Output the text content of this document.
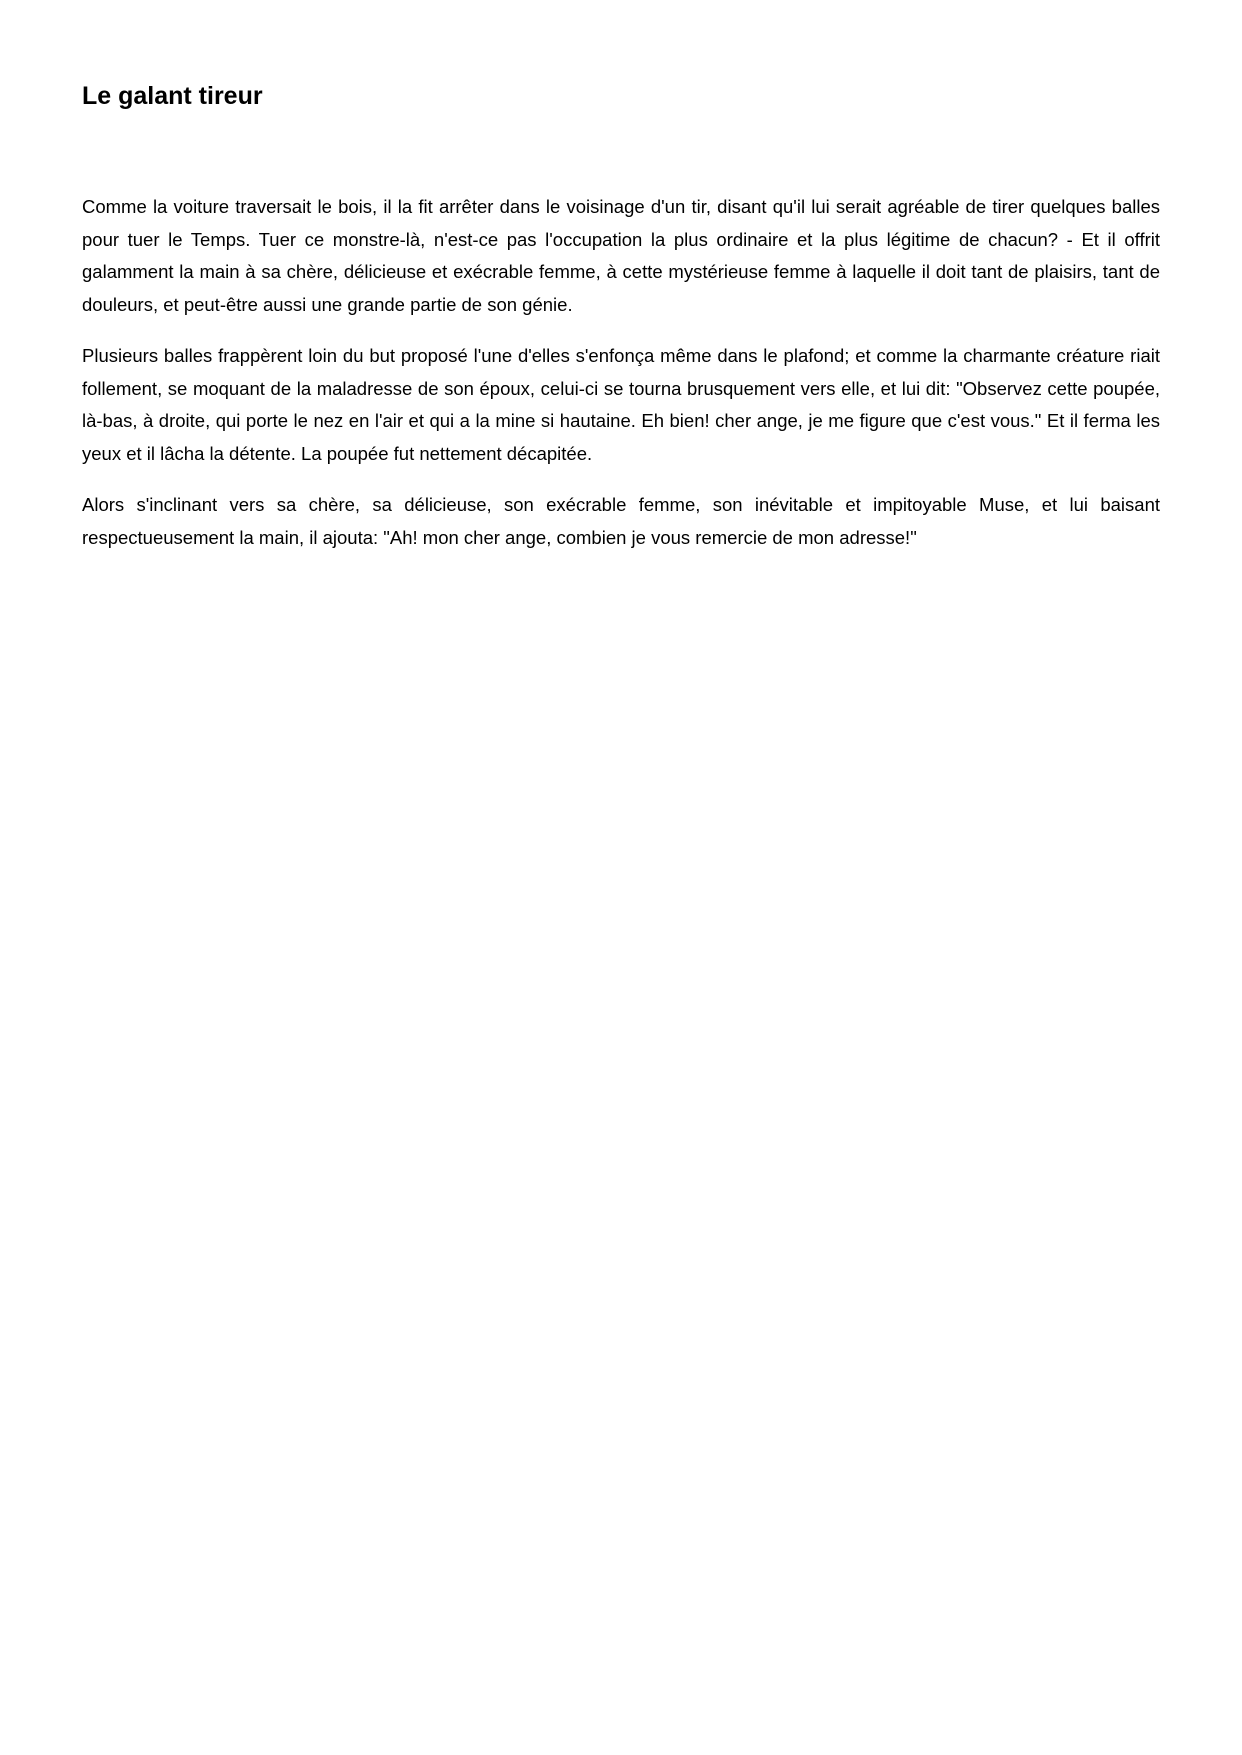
Le galant tireur

Comme la voiture traversait le bois, il la fit arrêter dans le voisinage d'un tir, disant qu'il lui serait agréable de tirer quelques balles pour tuer le Temps. Tuer ce monstre-là, n'est-ce pas l'occupation la plus ordinaire et la plus légitime de chacun? - Et il offrit galamment la main à sa chère, délicieuse et exécrable femme, à cette mystérieuse femme à laquelle il doit tant de plaisirs, tant de douleurs, et peut-être aussi une grande partie de son génie.

Plusieurs balles frappèrent loin du but proposé l'une d'elles s'enfonça même dans le plafond; et comme la charmante créature riait follement, se moquant de la maladresse de son époux, celui-ci se tourna brusquement vers elle, et lui dit: "Observez cette poupée, là-bas, à droite, qui porte le nez en l'air et qui a la mine si hautaine. Eh bien! cher ange, je me figure que c'est vous." Et il ferma les yeux et il lâcha la détente. La poupée fut nettement décapitée.

Alors s'inclinant vers sa chère, sa délicieuse, son exécrable femme, son inévitable et impitoyable Muse, et lui baisant respectueusement la main, il ajouta: "Ah! mon cher ange, combien je vous remercie de mon adresse!"
